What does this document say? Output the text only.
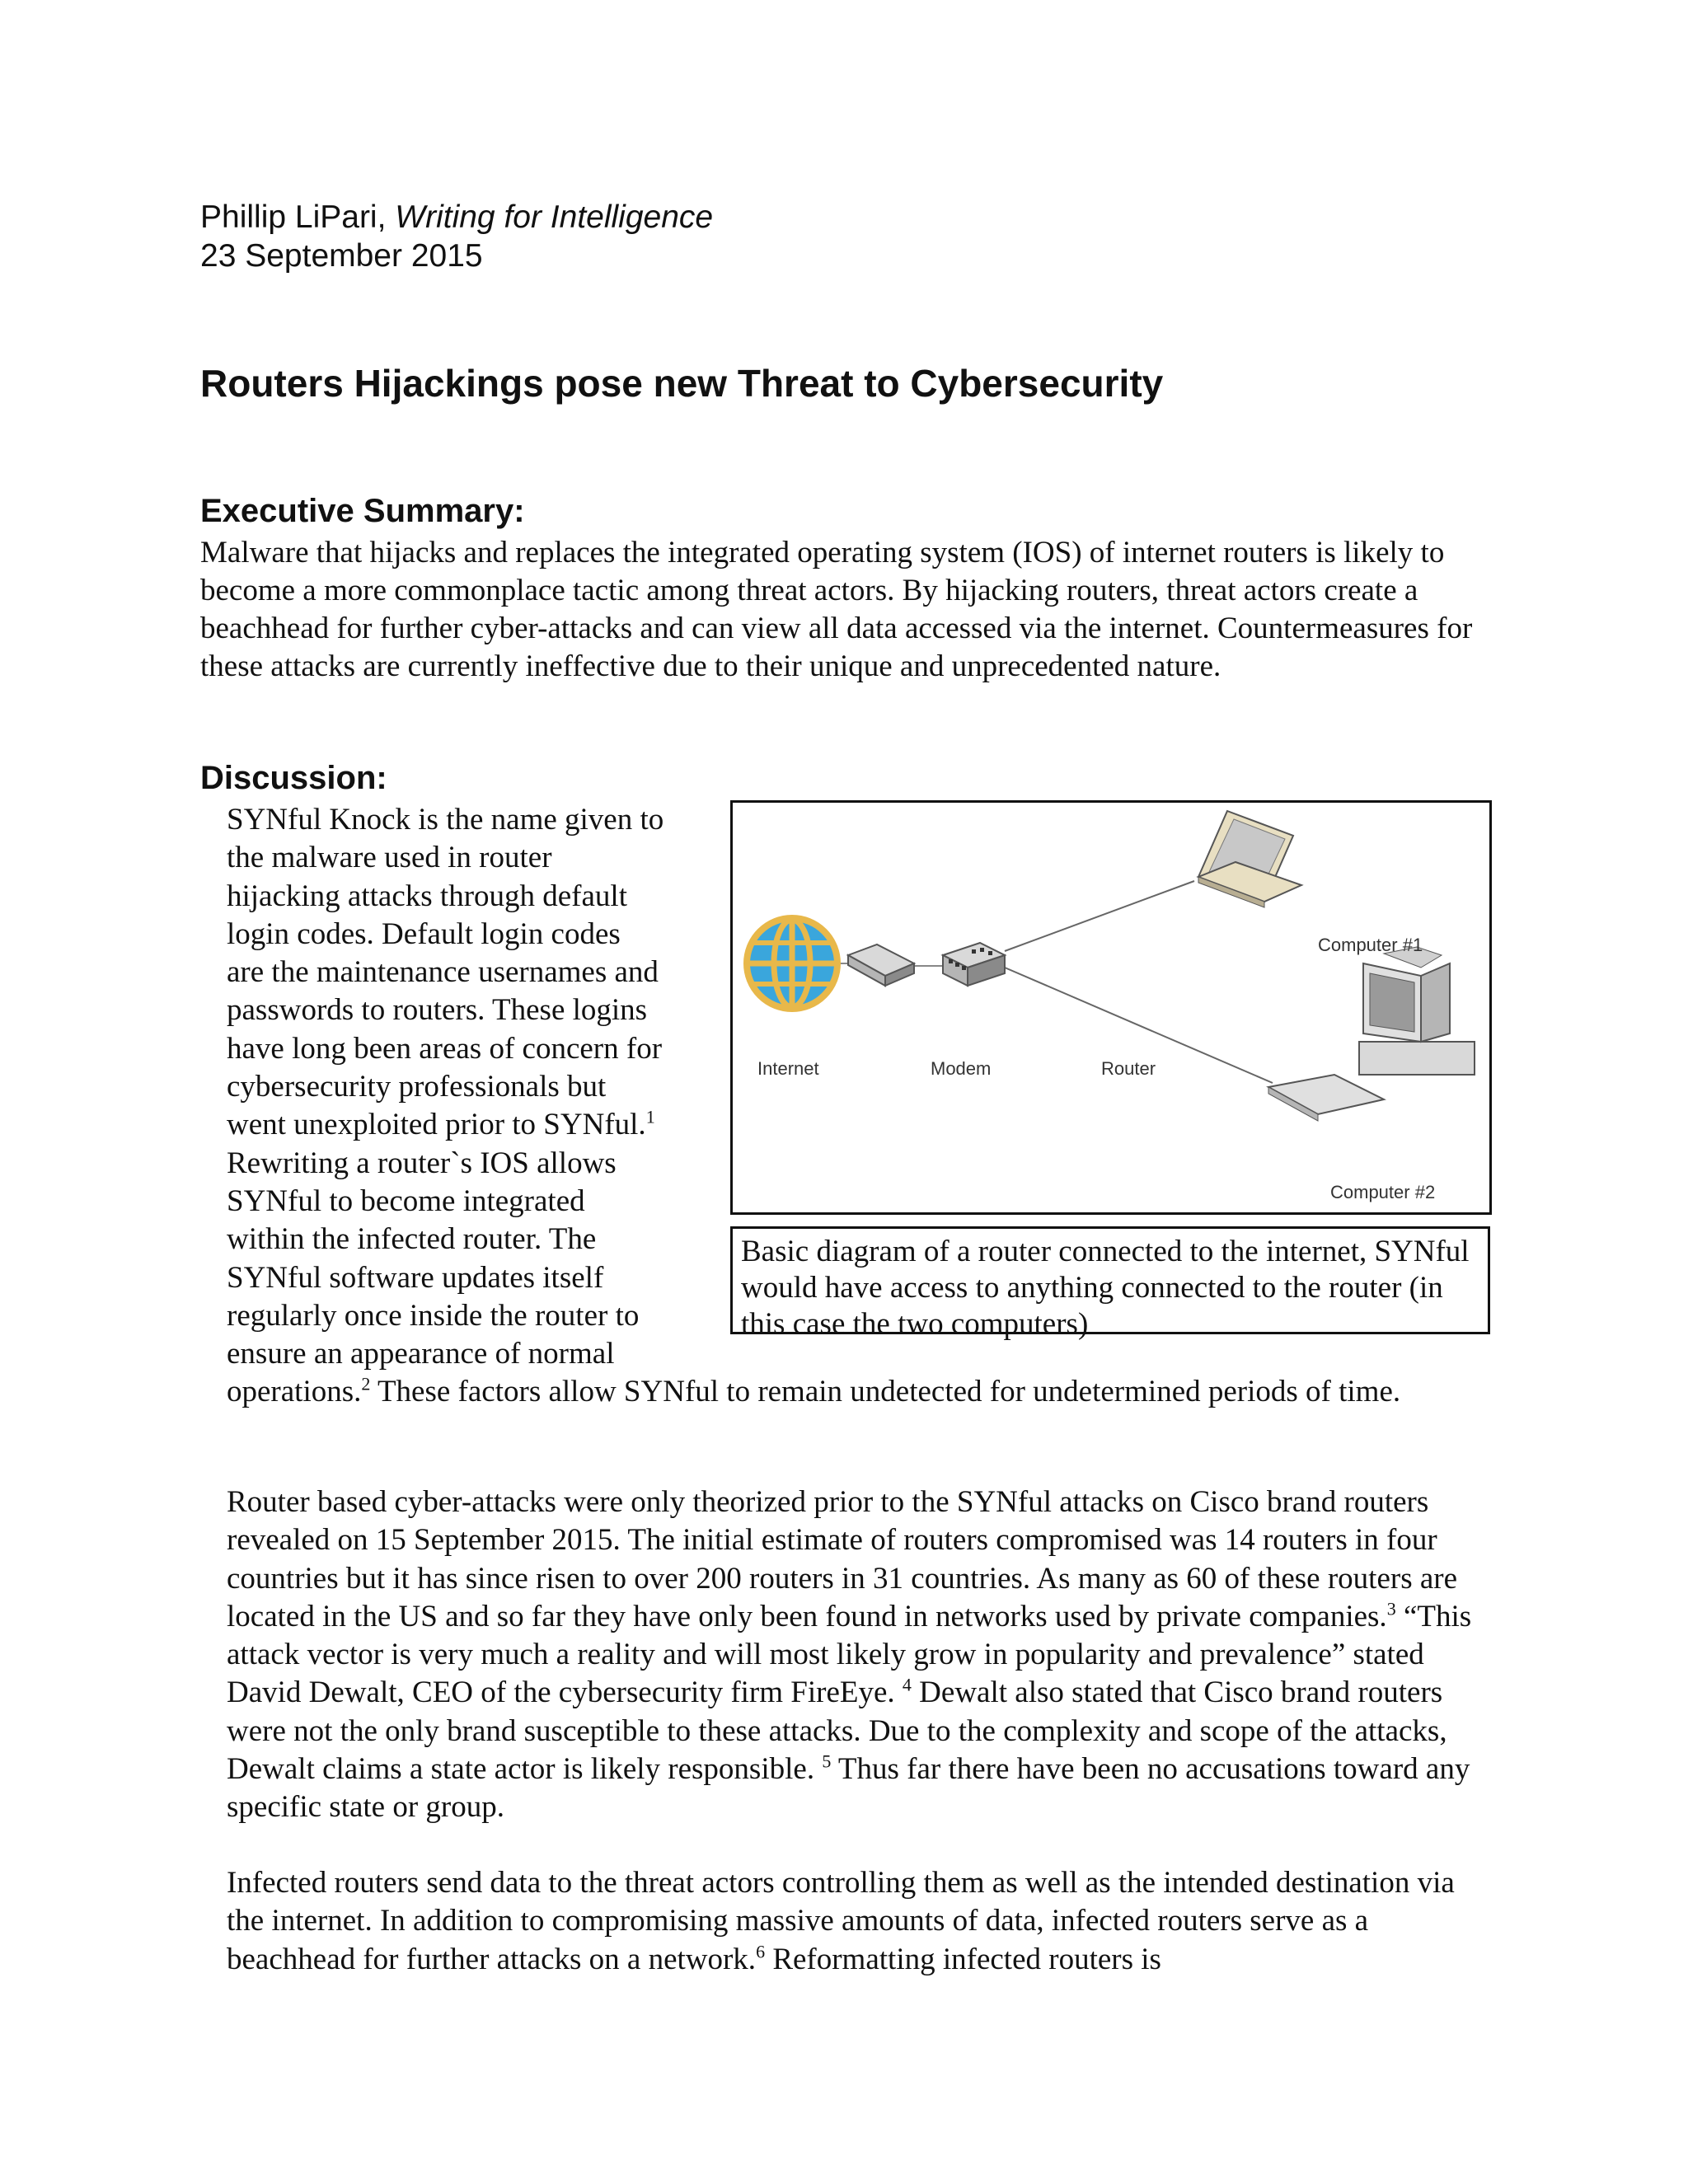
Phillip LiPari, Writing for Intelligence
23 September 2015
Routers Hijackings pose new Threat to Cybersecurity
Executive Summary:

Malware that hijacks and replaces the integrated operating system (IOS) of internet routers is likely to become a more commonplace tactic among threat actors. By hijacking routers, threat actors create a beachhead for further cyber-attacks and can view all data accessed via the internet. Countermeasures for these attacks are currently ineffective due to their unique and unprecedented nature.

Discussion:
SYNful Knock is the name given to
the malware used in router
hijacking attacks through default
login codes. Default login codes
are the maintenance usernames and
passwords to routers. These logins
have long been areas of concern for
cybersecurity professionals but
went unexploited prior to SYNful.$^1$
Rewriting a router`s IOS allows
SYNful to become integrated
within the infected router. The
SYNful software updates itself
regularly once inside the router to
ensure an appearance of normal

operations.$^2$ These factors allow SYNful to remain undetected for undetermined periods of time.

Internet	Modem	Router
Computer #1
Computer #2
Basic diagram of a router connected to the internet, SYNful would have access to anything connected to the router (in this case the two computers)

Router based cyber-attacks were only theorized prior to the SYNful attacks on Cisco brand routers revealed on 15 September 2015. The initial estimate of routers compromised was 14 routers in four countries but it has since risen to over 200 routers in 31 countries. As many as 60 of these routers are located in the US and so far they have only been found in networks used by private companies.$^3$ “This attack vector is very much a reality and will most likely grow in popularity and prevalence” stated David Dewalt, CEO of the cybersecurity firm FireEye. $^4$ Dewalt also stated that Cisco brand routers were not the only brand susceptible to these attacks. Due to the complexity and scope of the attacks, Dewalt claims a state actor is likely responsible. $^5$ Thus far there have been no accusations toward any specific state or group.

Infected routers send data to the threat actors controlling them as well as the intended destination via the internet. In addition to compromising massive amounts of data, infected routers serve as a beachhead for further attacks on a network.$^6$ Reformatting infected routers is
